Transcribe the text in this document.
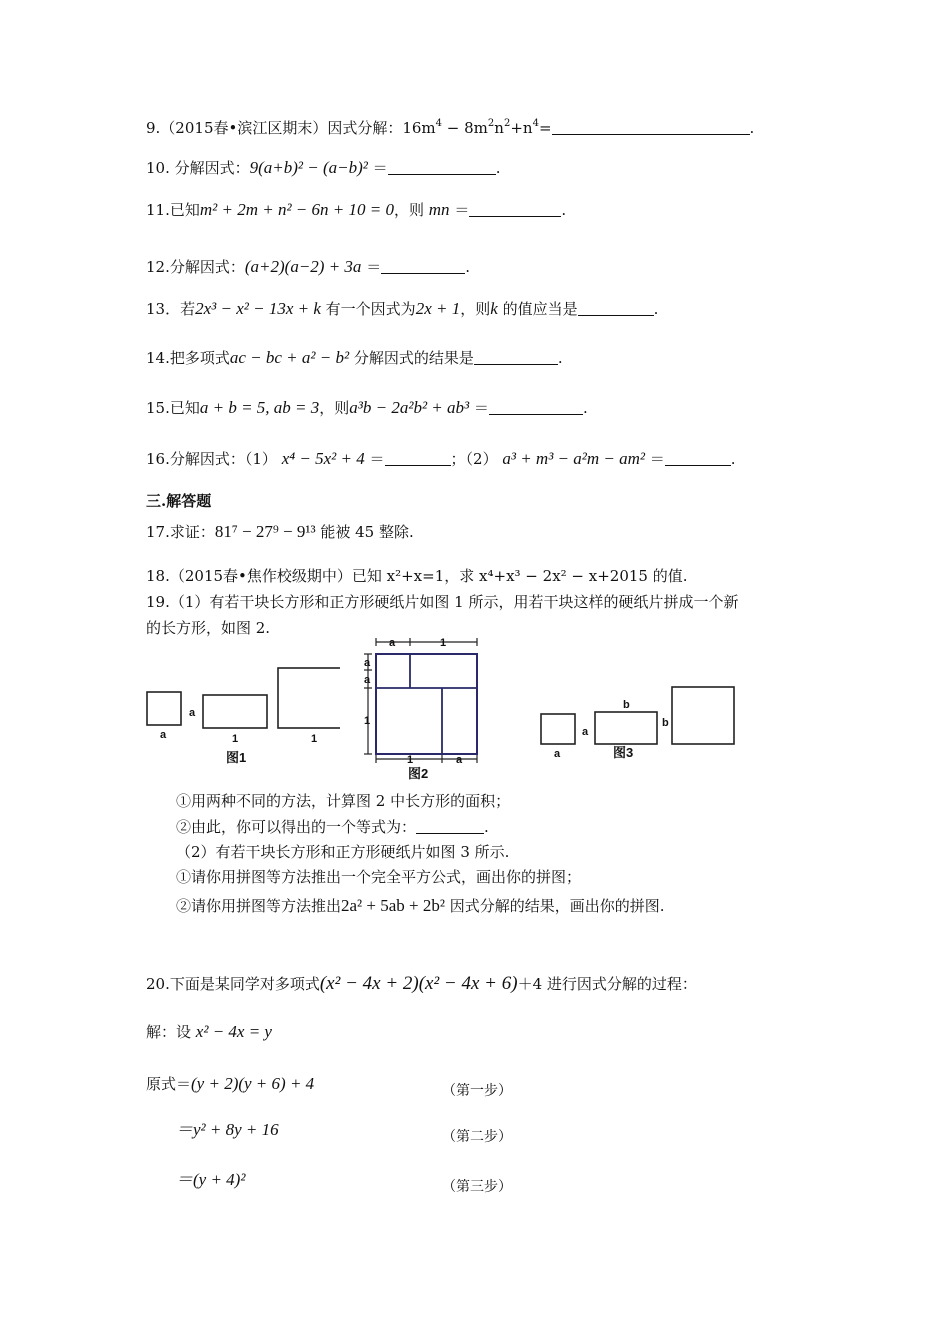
9.（2015春•滨江区期末）因式分解：$16m^4 - 8m^2n^2+n^4=$	.
10. 分解因式：9(a+b)² − (a−b)² ＝	.
11.已知m² + 2m + n² − 6n + 10 = 0，则 mn ＝	.
12.分解因式：(a+2)(a−2) + 3a ＝	.
13．若2x³ − x² − 13x + k 有一个因式为2x + 1，则k 的值应当是	.
14.把多项式ac − bc + a² − b² 分解因式的结果是	.
15.已知a + b = 5, ab = 3，则a³b − 2a²b² + ab³ ＝	.
16.分解因式：（1） x⁴ − 5x² + 4 ＝	；（2） a³ + m³ − a²m − am² ＝	.
三.解答题
17.求证：81⁷ − 27⁹ − 9¹³ 能被 45 整除.
18.（2015春•焦作校级期中）已知 x²+x=1，求 x⁴+x³ − 2x² − x+2015 的值.
19.（1）有若干块长方形和正方形硬纸片如图 1 所示，用若干块这样的硬纸片拼成一个新
的长方形，如图 2.
a
a
1	1
图1
a	1
a
a
1
1	a
图2
a
a
b
b
图3
①用两种不同的方法，计算图 2 中长方形的面积；
②由此，你可以得出的一个等式为：	.
（2）有若干块长方形和正方形硬纸片如图 3 所示.
①请你用拼图等方法推出一个完全平方公式，画出你的拼图；
②请你用拼图等方法推出2a² + 5ab + 2b² 因式分解的结果，画出你的拼图.
20.下面是某同学对多项式(x² − 4x + 2)(x² − 4x + 6)＋4 进行因式分解的过程：
解：设 x² − 4x = y
原式＝(y + 2)(y + 6) + 4	（第一步）
＝y² + 8y + 16	（第二步）
＝(y + 4)²	（第三步）
